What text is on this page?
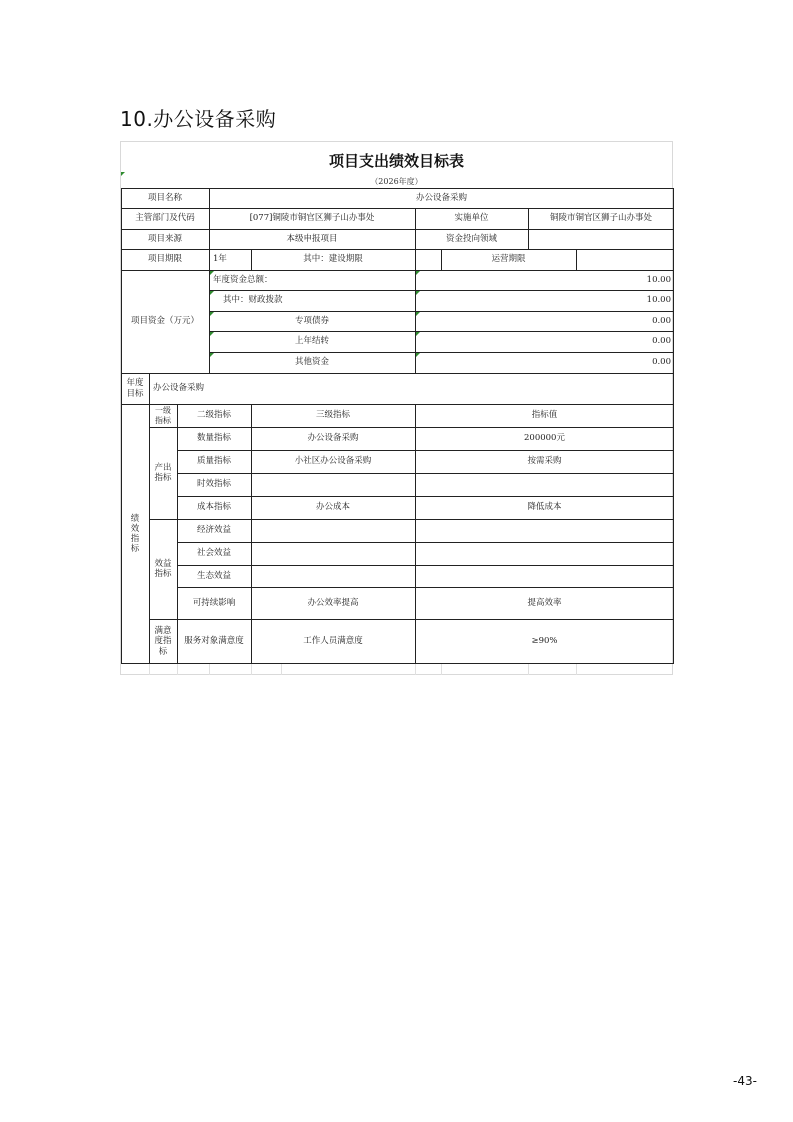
10.办公设备采购
项目支出绩效目标表
（2026年度）
项目名称	办公设备采购
主管部门及代码	[077]铜陵市铜官区狮子山办事处	实施单位	铜陵市铜官区狮子山办事处
项目来源	本级申报项目	资金投向领域
项目期限	1年	其中：建设期限	运营期限
项目资金（万元）
年度资金总额：	10.00
其中：财政拨款	10.00
专项债券	0.00
上年结转	0.00
其他资金	0.00
年度目标
办公设备采购
绩效指标
一级指标	二级指标	三级指标	指标值
产出指标
数量指标	办公设备采购	200000元
质量指标	小社区办公设备采购	按需采购
时效指标
成本指标	办公成本	降低成本
效益指标
经济效益
社会效益
生态效益
可持续影响	办公效率提高	提高效率
满意度指标
服务对象满意度	工作人员满意度	≥90%
-43-
